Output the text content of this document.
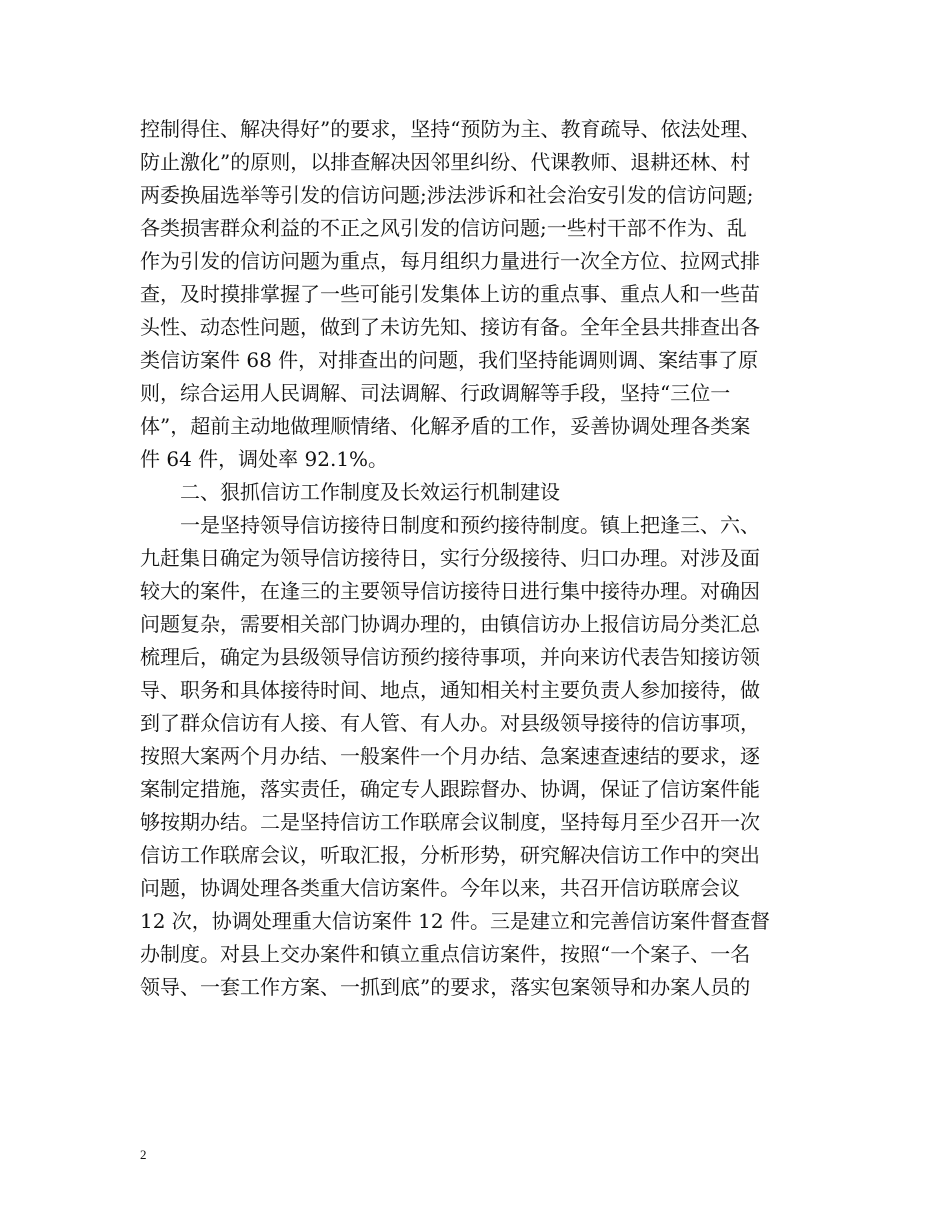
控制得住、解决得好”的要求，坚持“预防为主、教育疏导、依法处理、
防止激化”的原则，以排查解决因邻里纠纷、代课教师、退耕还林、村
两委换届选举等引发的信访问题;涉法涉诉和社会治安引发的信访问题;
各类损害群众利益的不正之风引发的信访问题;一些村干部不作为、乱
作为引发的信访问题为重点，每月组织力量进行一次全方位、拉网式排
查，及时摸排掌握了一些可能引发集体上访的重点事、重点人和一些苗
头性、动态性问题，做到了未访先知、接访有备。全年全县共排查出各
类信访案件 68 件，对排查出的问题，我们坚持能调则调、案结事了原
则，综合运用人民调解、司法调解、行政调解等手段，坚持“三位一
体”，超前主动地做理顺情绪、化解矛盾的工作，妥善协调处理各类案
件 64 件，调处率 92.1%。
二、狠抓信访工作制度及长效运行机制建设
一是坚持领导信访接待日制度和预约接待制度。镇上把逢三、六、
九赶集日确定为领导信访接待日，实行分级接待、归口办理。对涉及面
较大的案件，在逢三的主要领导信访接待日进行集中接待办理。对确因
问题复杂，需要相关部门协调办理的，由镇信访办上报信访局分类汇总
梳理后，确定为县级领导信访预约接待事项，并向来访代表告知接访领
导、职务和具体接待时间、地点，通知相关村主要负责人参加接待，做
到了群众信访有人接、有人管、有人办。对县级领导接待的信访事项，
按照大案两个月办结、一般案件一个月办结、急案速查速结的要求，逐
案制定措施，落实责任，确定专人跟踪督办、协调，保证了信访案件能
够按期办结。二是坚持信访工作联席会议制度，坚持每月至少召开一次
信访工作联席会议，听取汇报，分析形势，研究解决信访工作中的突出
问题，协调处理各类重大信访案件。今年以来，共召开信访联席会议
12 次，协调处理重大信访案件 12 件。三是建立和完善信访案件督查督
办制度。对县上交办案件和镇立重点信访案件，按照“一个案子、一名
领导、一套工作方案、一抓到底”的要求，落实包案领导和办案人员的
2
